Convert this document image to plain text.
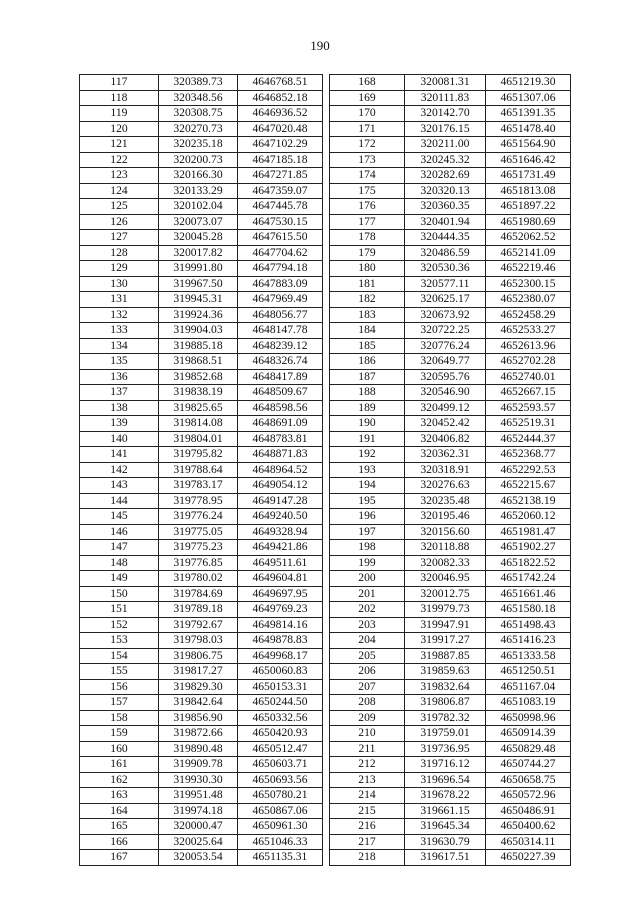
190
117	320389.73	4646768.51
118	320348.56	4646852.18
119	320308.75	4646936.52
120	320270.73	4647020.48
121	320235.18	4647102.29
122	320200.73	4647185.18
123	320166.30	4647271.85
124	320133.29	4647359.07
125	320102.04	4647445.78
126	320073.07	4647530.15
127	320045.28	4647615.50
128	320017.82	4647704.62
129	319991.80	4647794.18
130	319967.50	4647883.09
131	319945.31	4647969.49
132	319924.36	4648056.77
133	319904.03	4648147.78
134	319885.18	4648239.12
135	319868.51	4648326.74
136	319852.68	4648417.89
137	319838.19	4648509.67
138	319825.65	4648598.56
139	319814.08	4648691.09
140	319804.01	4648783.81
141	319795.82	4648871.83
142	319788.64	4648964.52
143	319783.17	4649054.12
144	319778.95	4649147.28
145	319776.24	4649240.50
146	319775.05	4649328.94
147	319775.23	4649421.86
148	319776.85	4649511.61
149	319780.02	4649604.81
150	319784.69	4649697.95
151	319789.18	4649769.23
152	319792.67	4649814.16
153	319798.03	4649878.83
154	319806.75	4649968.17
155	319817.27	4650060.83
156	319829.30	4650153.31
157	319842.64	4650244.50
158	319856.90	4650332.56
159	319872.66	4650420.93
160	319890.48	4650512.47
161	319909.78	4650603.71
162	319930.30	4650693.56
163	319951.48	4650780.21
164	319974.18	4650867.06
165	320000.47	4650961.30
166	320025.64	4651046.33
167	320053.54	4651135.31
168	320081.31	4651219.30
169	320111.83	4651307.06
170	320142.70	4651391.35
171	320176.15	4651478.40
172	320211.00	4651564.90
173	320245.32	4651646.42
174	320282.69	4651731.49
175	320320.13	4651813.08
176	320360.35	4651897.22
177	320401.94	4651980.69
178	320444.35	4652062.52
179	320486.59	4652141.09
180	320530.36	4652219.46
181	320577.11	4652300.15
182	320625.17	4652380.07
183	320673.92	4652458.29
184	320722.25	4652533.27
185	320776.24	4652613.96
186	320649.77	4652702.28
187	320595.76	4652740.01
188	320546.90	4652667.15
189	320499.12	4652593.57
190	320452.42	4652519.31
191	320406.82	4652444.37
192	320362.31	4652368.77
193	320318.91	4652292.53
194	320276.63	4652215.67
195	320235.48	4652138.19
196	320195.46	4652060.12
197	320156.60	4651981.47
198	320118.88	4651902.27
199	320082.33	4651822.52
200	320046.95	4651742.24
201	320012.75	4651661.46
202	319979.73	4651580.18
203	319947.91	4651498.43
204	319917.27	4651416.23
205	319887.85	4651333.58
206	319859.63	4651250.51
207	319832.64	4651167.04
208	319806.87	4651083.19
209	319782.32	4650998.96
210	319759.01	4650914.39
211	319736.95	4650829.48
212	319716.12	4650744.27
213	319696.54	4650658.75
214	319678.22	4650572.96
215	319661.15	4650486.91
216	319645.34	4650400.62
217	319630.79	4650314.11
218	319617.51	4650227.39
